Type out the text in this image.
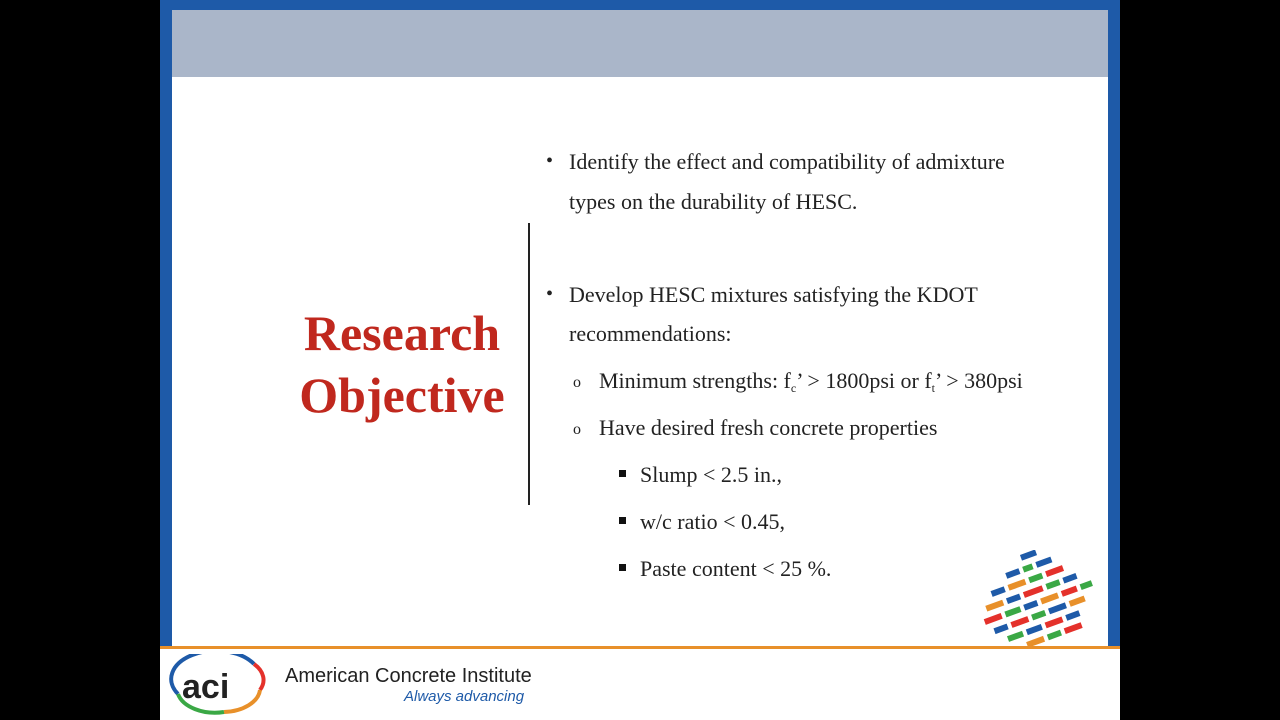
Research
Objective
• Identify the effect and compatibility of admixture
types on the durability of HESC.
• Develop HESC mixtures satisfying the KDOT
recommendations:
o Minimum strengths: $f_c$’ > 1800psi or $f_t$’ > 380psi
o Have desired fresh concrete properties
Slump < 2.5 in.,
w/c ratio < 0.45,
Paste content < 25 %.
aci	American Concrete Institute
Always advancing
